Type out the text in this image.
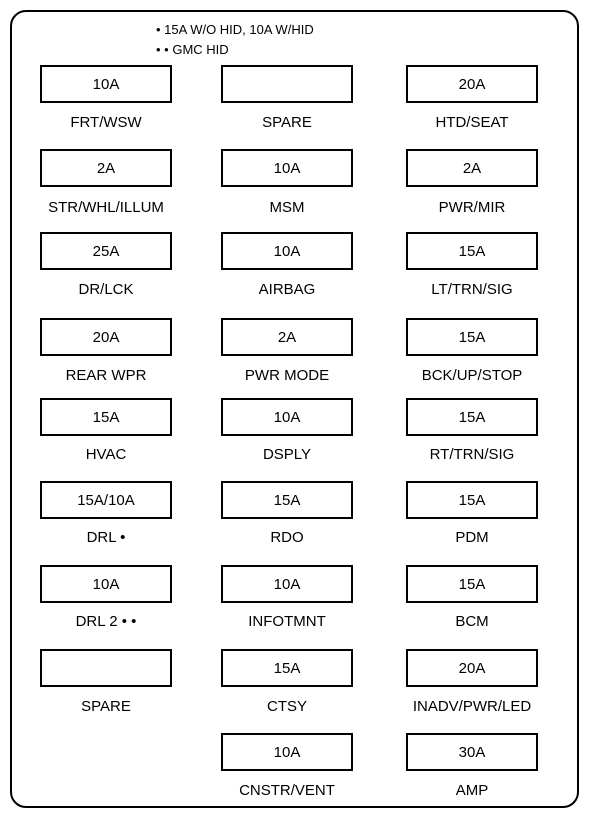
• 15A W/O HID, 10A W/HID
• • GMC HID
10A
FRT/WSW
2A
STR/WHL/ILLUM
25A
DR/LCK
20A
REAR WPR
15A
HVAC
15A/10A
DRL •
10A
DRL 2 • •
SPARE
SPARE
10A
MSM
10A
AIRBAG
2A
PWR MODE
10A
DSPLY
15A
RDO
10A
INFOTMNT
15A
CTSY
10A
CNSTR/VENT
20A
HTD/SEAT
2A
PWR/MIR
15A
LT/TRN/SIG
15A
BCK/UP/STOP
15A
RT/TRN/SIG
15A
PDM
15A
BCM
20A
INADV/PWR/LED
30A
AMP
